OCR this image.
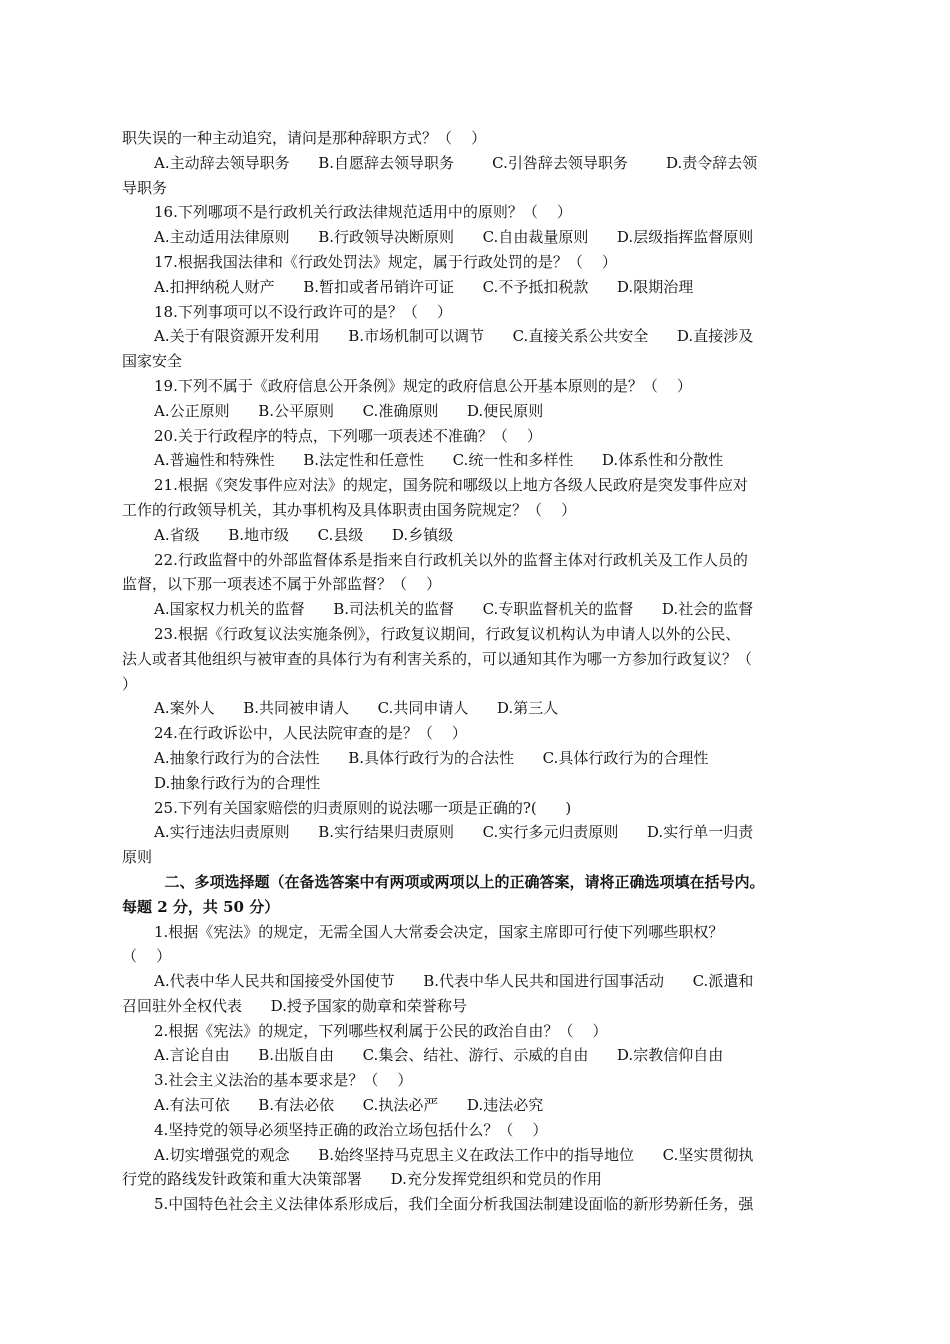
职失误的一种主动追究，请问是那种辞职方式？（    ）
A.主动辞去领导职务      B.自愿辞去领导职务        C.引咎辞去领导职务        D.责令辞去领
导职务
16.下列哪项不是行政机关行政法律规范适用中的原则？（    ）
A.主动适用法律原则      B.行政领导决断原则      C.自由裁量原则      D.层级指挥监督原则
17.根据我国法律和《行政处罚法》规定，属于行政处罚的是？（    ）
A.扣押纳税人财产      B.暂扣或者吊销许可证      C.不予抵扣税款      D.限期治理
18.下列事项可以不设行政许可的是？（    ）
A.关于有限资源开发利用      B.市场机制可以调节      C.直接关系公共安全      D.直接涉及
国家安全
19.下列不属于《政府信息公开条例》规定的政府信息公开基本原则的是？（    ）
A.公正原则      B.公平原则      C.准确原则      D.便民原则
20.关于行政程序的特点，下列哪一项表述不准确？（    ）
A.普遍性和特殊性      B.法定性和任意性      C.统一性和多样性      D.体系性和分散性
21.根据《突发事件应对法》的规定，国务院和哪级以上地方各级人民政府是突发事件应对
工作的行政领导机关，其办事机构及具体职责由国务院规定？（    ）
A.省级      B.地市级      C.县级      D.乡镇级
22.行政监督中的外部监督体系是指来自行政机关以外的监督主体对行政机关及工作人员的
监督，以下那一项表述不属于外部监督？（    ）
A.国家权力机关的监督      B.司法机关的监督      C.专职监督机关的监督      D.社会的监督
23.根据《行政复议法实施条例》，行政复议期间，行政复议机构认为申请人以外的公民、
法人或者其他组织与被审查的具体行为有利害关系的，可以通知其作为哪一方参加行政复议？（
）
A.案外人      B.共同被申请人      C.共同申请人      D.第三人
24.在行政诉讼中，人民法院审查的是？（    ）
A.抽象行政行为的合法性      B.具体行政行为的合法性      C.具体行政行为的合理性
D.抽象行政行为的合理性
25.下列有关国家赔偿的归责原则的说法哪一项是正确的?(      )
A.实行违法归责原则      B.实行结果归责原则      C.实行多元归责原则      D.实行单一归责
原则
二、多项选择题（在备选答案中有两项或两项以上的正确答案，请将正确选项填在括号内。
每题 2 分，共 50 分）
1.根据《宪法》的规定，无需全国人大常委会决定，国家主席即可行使下列哪些职权？
（    ）
A.代表中华人民共和国接受外国使节      B.代表中华人民共和国进行国事活动      C.派遣和
召回驻外全权代表      D.授予国家的勋章和荣誉称号
2.根据《宪法》的规定，下列哪些权利属于公民的政治自由？（    ）
A.言论自由      B.出版自由      C.集会、结社、游行、示威的自由      D.宗教信仰自由
3.社会主义法治的基本要求是？（    ）
A.有法可依      B.有法必依      C.执法必严      D.违法必究
4.坚持党的领导必须坚持正确的政治立场包括什么？（    ）
A.切实增强党的观念      B.始终坚持马克思主义在政法工作中的指导地位      C.坚实贯彻执
行党的路线发针政策和重大决策部署      D.充分发挥党组织和党员的作用
5.中国特色社会主义法律体系形成后，我们全面分析我国法制建设面临的新形势新任务，强
